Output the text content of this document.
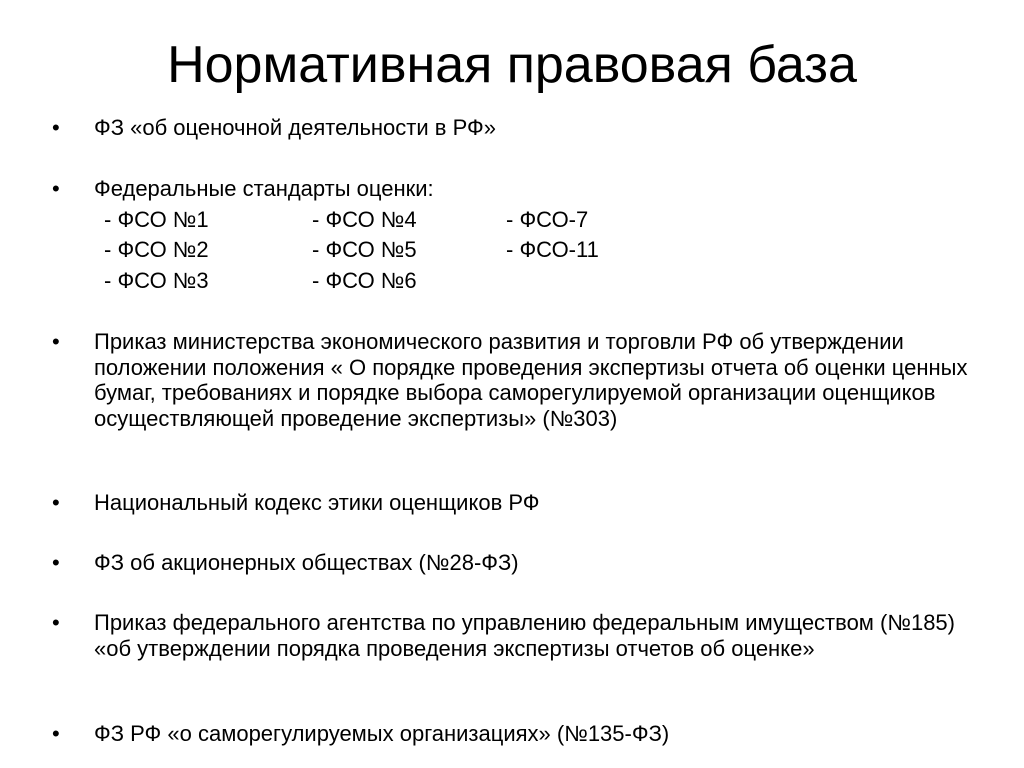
Нормативная правовая база
• ФЗ «об оценочной деятельности в РФ»
• Федеральные стандарты оценки:
- ФСО №1	- ФСО №4	- ФСО-7
- ФСО №2	- ФСО №5	- ФСО-11
- ФСО №3	- ФСО №6
• Приказ министерства экономического развития и торговли РФ об утверждении положении положения « О порядке проведения экспертизы отчета об оценки ценных бумаг, требованиях и порядке выбора саморегулируемой организации оценщиков осуществляющей проведение экспертизы» (№303)
• Национальный кодекс этики оценщиков РФ
• ФЗ об акционерных обществах (№28-ФЗ)
• Приказ федерального агентства по управлению федеральным имуществом (№185) «об утверждении порядка проведения экспертизы отчетов об оценке»
• ФЗ РФ «о саморегулируемых организациях» (№135-ФЗ)
